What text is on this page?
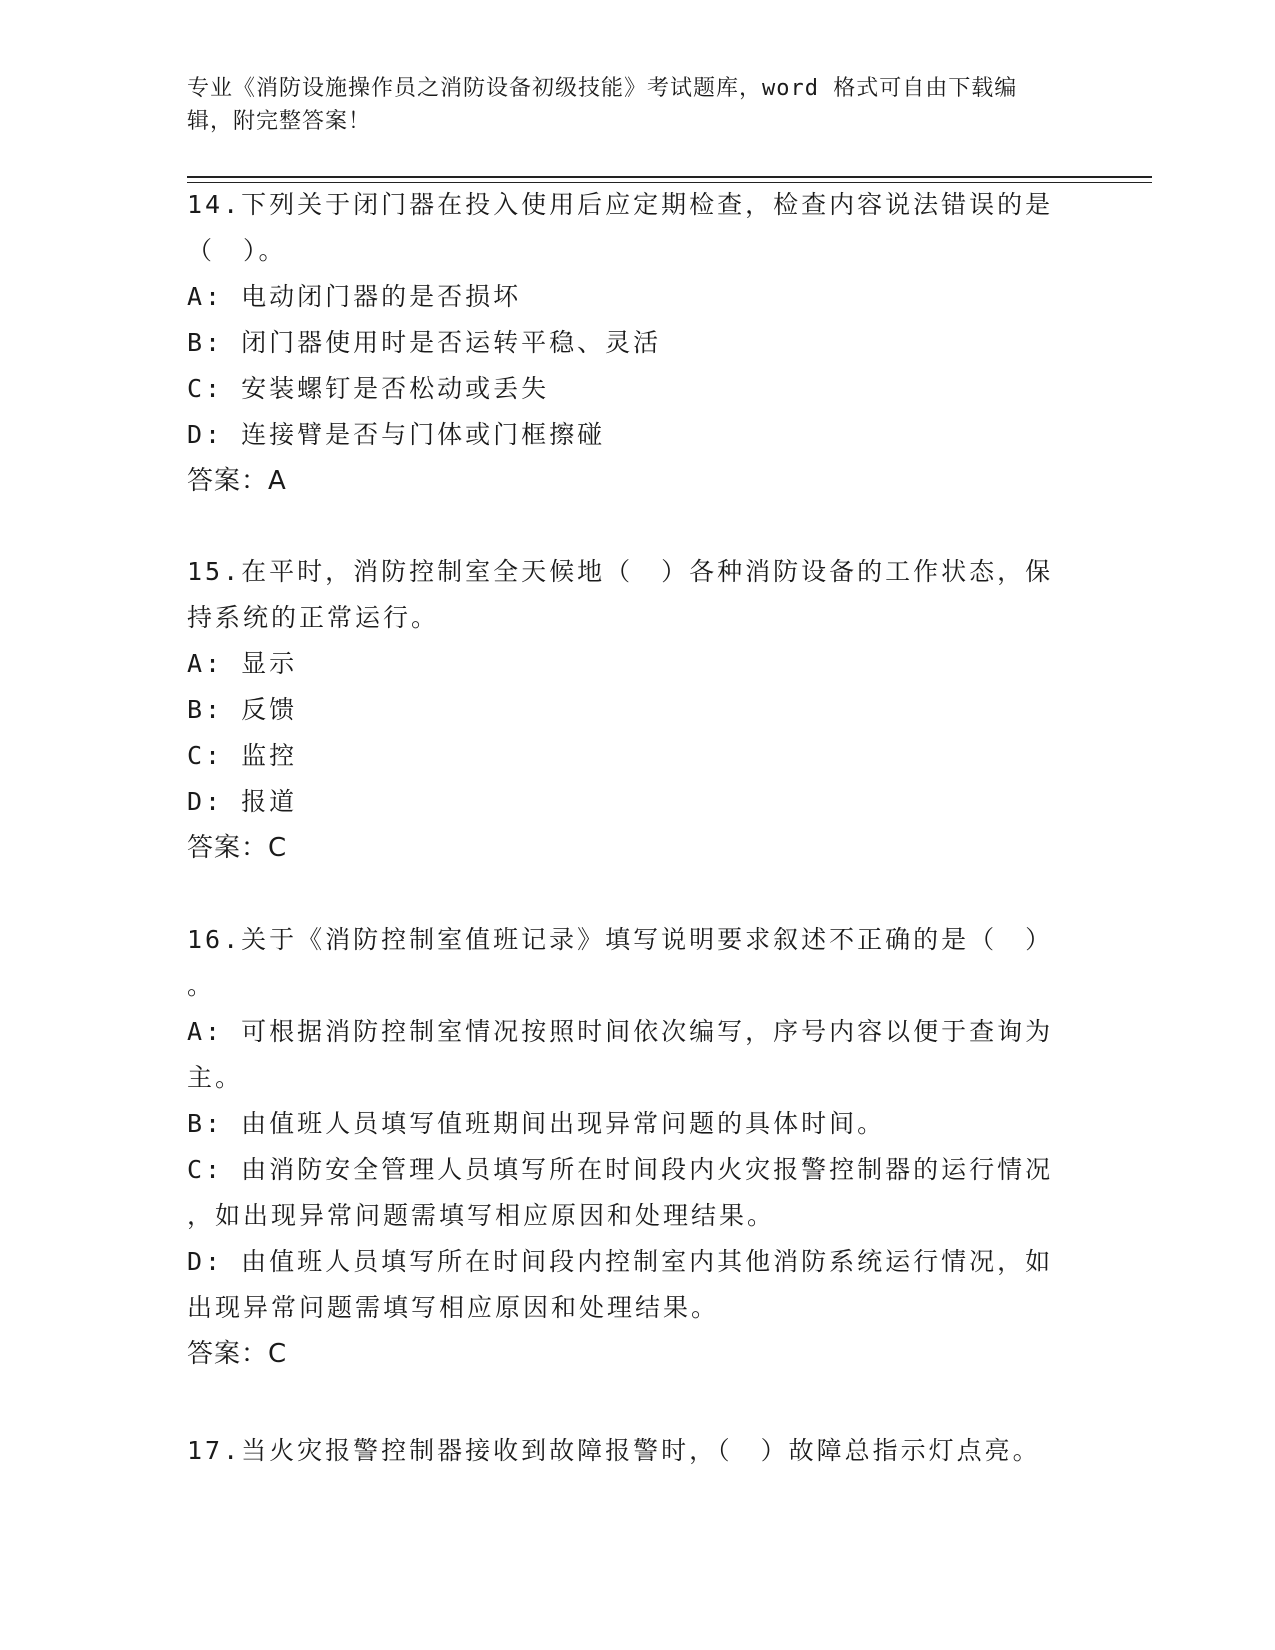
专业《消防设施操作员之消防设备初级技能》考试题库，word 格式可自由下载编
辑，附完整答案！
14.下列关于闭门器在投入使用后应定期检查，检查内容说法错误的是
（　）。
A: 电动闭门器的是否损坏
B: 闭门器使用时是否运转平稳、灵活
C: 安装螺钉是否松动或丢失
D: 连接臂是否与门体或门框擦碰
答案：A
15.在平时，消防控制室全天候地（　）各种消防设备的工作状态，保
持系统的正常运行。
A: 显示
B: 反馈
C: 监控
D: 报道
答案：C
16.关于《消防控制室值班记录》填写说明要求叙述不正确的是（　）
。
A: 可根据消防控制室情况按照时间依次编写，序号内容以便于查询为
主。
B: 由值班人员填写值班期间出现异常问题的具体时间。
C: 由消防安全管理人员填写所在时间段内火灾报警控制器的运行情况
，如出现异常问题需填写相应原因和处理结果。
D: 由值班人员填写所在时间段内控制室内其他消防系统运行情况，如
出现异常问题需填写相应原因和处理结果。
答案：C
17.当火灾报警控制器接收到故障报警时，（　）故障总指示灯点亮。
